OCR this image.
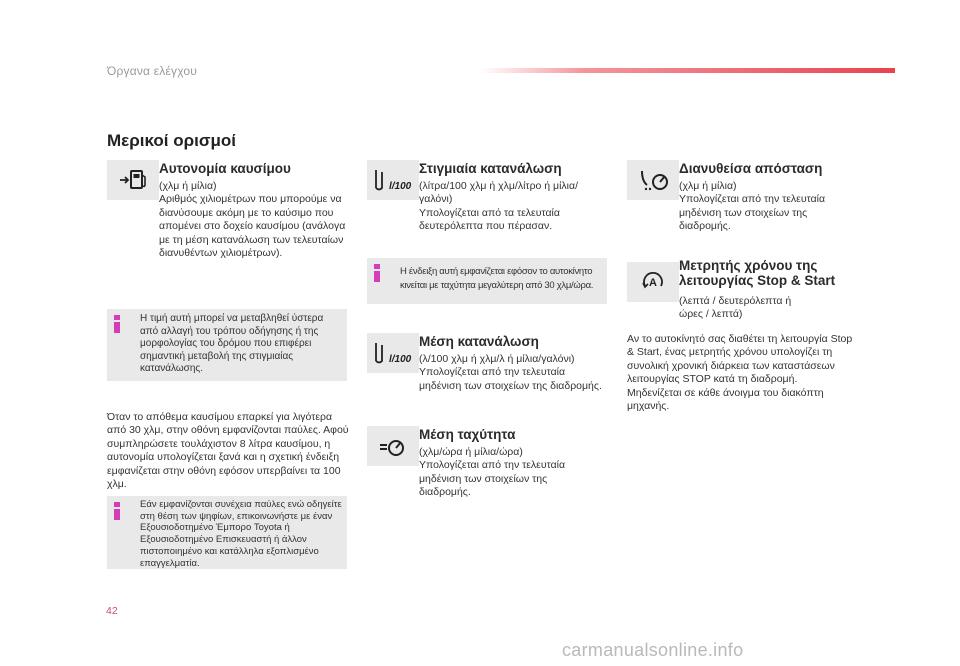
Όργανα ελέγχου
Μερικοί ορισμοί
Αυτονομία καυσίμου
(χλμ ή μίλια)
Αριθμός χιλιομέτρων που μπορούμε να διανύσουμε ακόμη με το καύσιμο που απομένει στο δοχείο καυσίμου (ανάλογα με τη μέση κατανάλωση των τελευταίων διανυθέντων χιλιομέτρων).
Η τιμή αυτή μπορεί να μεταβληθεί ύστερα από αλλαγή του τρόπου οδήγησης ή της μορφολογίας του δρόμου που επιφέρει σημαντική μεταβολή της στιγμιαίας κατανάλωσης.
Όταν το απόθεμα καυσίμου επαρκεί για λιγότερα από 30 χλμ, στην οθόνη εμφανίζονται παύλες. Αφού συμπληρώσετε τουλάχιστον 8 λίτρα καυσίμου, η αυτονομία υπολογίζεται ξανά και η σχετική ένδειξη εμφανίζεται στην οθόνη εφόσον υπερβαίνει τα 100 χλμ.
Εάν εμφανίζονται συνέχεια παύλες ενώ οδηγείτε στη θέση των ψηφίων, επικοινωνήστε με έναν Εξουσιοδοτημένο Έμπορο Toyota ή Εξουσιοδοτημένο Επισκευαστή ή άλλον πιστοποιημένο και κατάλληλα εξοπλισμένο επαγγελματία.
l/100
Στιγμιαία κατανάλωση
(λίτρα/100 χλμ ή χλμ/λίτρο ή μίλια/γαλόνι)
Υπολογίζεται από τα τελευταία δευτερόλεπτα που πέρασαν.
Η ένδειξη αυτή εμφανίζεται εφόσον το αυτοκίνητο κινείται με ταχύτητα μεγαλύτερη από 30 χλμ/ώρα.
l/100
Μέση κατανάλωση
(λ/100 χλμ ή χλμ/λ ή μίλια/γαλόνι)
Υπολογίζεται από την τελευταία μηδένιση των στοιχείων της διαδρομής.
Μέση ταχύτητα
(χλμ/ώρα ή μίλια/ώρα)
Υπολογίζεται από την τελευταία μηδένιση των στοιχείων της διαδρομής.
Διανυθείσα απόσταση
(χλμ ή μίλια)
Υπολογίζεται από την τελευταία μηδένιση των στοιχείων της διαδρομής.
A
Μετρητής χρόνου της
λειτουργίας Stop & Start
(λεπτά / δευτερόλεπτα ή
ώρες / λεπτά)
Αν το αυτοκίνητό σας διαθέτει τη λειτουργία Stop & Start, ένας μετρητής χρόνου υπολογίζει τη συνολική χρονική διάρκεια των καταστάσεων λειτουργίας STOP κατά τη διαδρομή.
Μηδενίζεται σε κάθε άνοιγμα του διακόπτη μηχανής.
42
carmanualsonline.info
